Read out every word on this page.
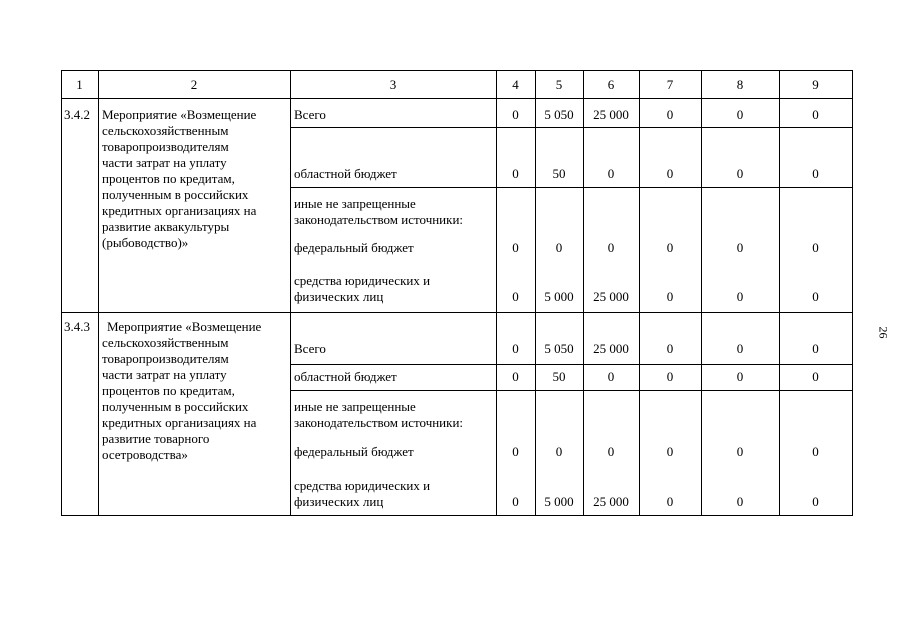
1	2	3	4	5	6	7	8	9
3.4.2 Мероприятие «Возмещение
сельскохозяйственным
товаропроизводителям
части затрат на уплату
процентов по кредитам,
полученным в российских
кредитных организациях на
развитие аквакультуры
(рыбоводство)»
Всего	0	5 050	25 000	0	0	0
областной бюджет	0	50	0	0	0	0
иные не запрещенные
законодательством источники:
федеральный бюджет	0	0	0	0	0	0
средства юридических и
физических лиц	0	5 000	25 000	0	0	0
3.4.3	Мероприятие «Возмещение
сельскохозяйственным
товаропроизводителям
части затрат на уплату
процентов по кредитам,
полученным в российских
кредитных организациях на
развитие товарного
осетроводства»
Всего	0	5 050	25 000	0	0	0
областной бюджет	0	50	0	0	0	0
иные не запрещенные
законодательством источники:
федеральный бюджет	0	0	0	0	0	0
средства юридических и
физических лиц	0	5 000	25 000	0	0	0
26
